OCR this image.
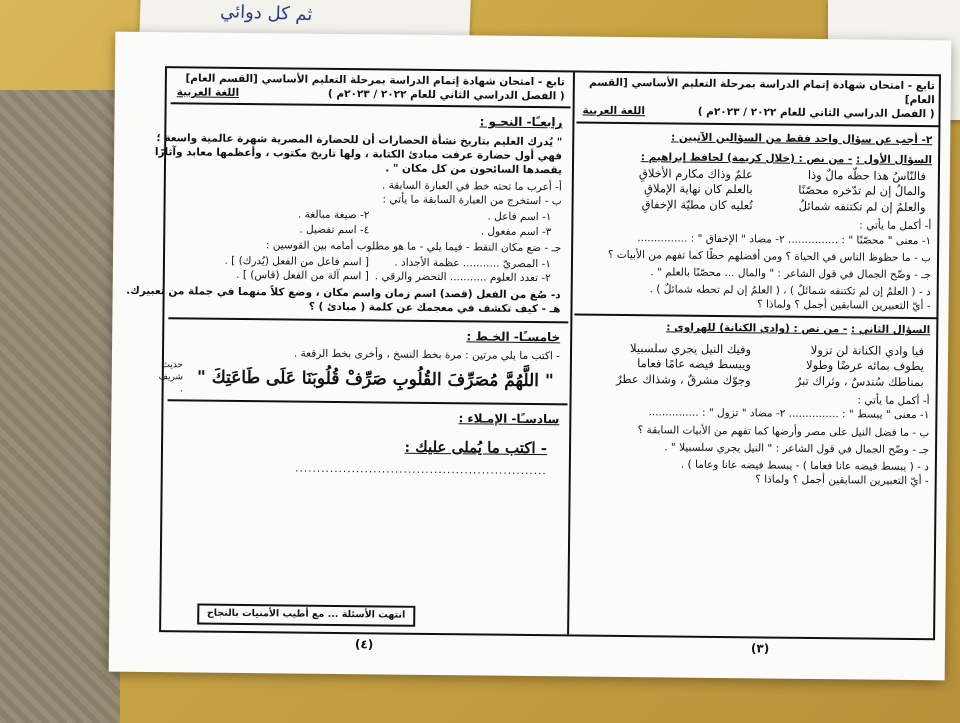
ثم كل دوائي
تابع - امتحان شهادة إتمام الدراسة بمرحلة التعليم الأساسي [القسم العام]
( الفصل الدراسي الثاني للعام ٢٠٢٢ / ٢٠٢٣م )
اللغة العربية
٢- أجب عن سؤال واحد فقط من السؤالين الآتيين :
السؤال الأول : - من نص : (خلال كريمة) لحافظ إبراهيم :
فالنّاسُ هذا حظّه مالٌ وذا
علمٌ وذاك مكارم الأخلاقِ
والمالُ إن لم تدّخره محصّنًا
بالعلم كان نهاية الإملاقِ
والعلمُ إن لم تكتنفه شمائلٌ
تُعليه كان مطيّة الإخفاقِ
أ- أكمل ما يأتي :
١- معنى " محصّنًا " : ............... ٢- مضاد " الإخفاق " : ...............
ب - ما حظوظ الناس في الحياة ؟ ومن أفضلهم حظًا كما تفهم من الأبيات ؟
جـ - وضّح الجمال في قول الشاعر : " والمال ... محصّنًا بالعلم " .
د - ( العلمُ إن لم تكتنفه شمائلٌ ) ، ( العلمُ إن لم تحطه شمائلٌ ) .
- أيّ التعبيرين السابقين أجمل ؟ ولماذا ؟
السؤال الثاني : - من نص : (وادي الكنانة) للهراوي :
فيا وادي الكنانة لن تزولا
وفيك النيل يجري سلسبيلا
يطوف بمائه عرضًا وطولا
ويبسط فيضه عامًا فعاما
بمناطك سُندسٌ ، وثراك تبرٌ
وجوّك مشرقٌ ، وشذاك عطرٌ
أ- أكمل ما يأتي :
١- معنى " يبسط " : ............... ٢- مضاد " تزول " : ...............
ب - ما فضل النيل على مصر وأرضها كما تفهم من الأبيات السابقة ؟
جـ - وضّح الجمال في قول الشاعر : " النيل يجري سلسبيلا " .
د - ( يبسط فيضه عانا فعاما ) - يبسط فيضه عانا وعاما ) .
- أيّ التعبيرين السابقين أجمل ؟ ولماذا ؟
(٣)
تابع - امتحان شهادة إتمام الدراسة بمرحلة التعليم الأساسي [القسم العام]
( الفصل الدراسي الثاني للعام ٢٠٢٢ / ٢٠٢٣م )
اللغة العربية
رابعـًا- النحـو :
" يُدرك العليم بتاريخ نشأة الحضارات أن للحضارة المصرية شهرة عالمية واسعة ؛
فهي أول حضارة عرفت مبادئ الكتابة ، ولها تاريخ مكتوب ، وأعظمها معابد وآثارًا
يقصدها السائحون من كل مكان " .
أ- أعرب ما تحته خط في العبارة السابقة .
ب - استخرج من العبارة السابقة ما يأتي :
١- اسم فاعل .
٢- صيغة مبالغة .
٣- اسم مفعول .
٤- اسم تفضيل .
جـ - ضع مكان النقط - فيما يلي - ما هو مطلوب أمامه بين القوسين :
١- المصريّ ........... عظمة الأجداد .
[ اسم فاعل من الفعل (يُدرك) ] .
٢- تعدد العلوم ........... التحضر والرقي .
[ اسم آلة من الفعل (قاس) ] .
د- صُغ من الفعل (قصد) اسم زمان واسم مكان ، وضع كلاً منهما في جملة من تعبيرك.
هـ - كيف تكشف في معجمك عن كلمة ( مبادئ ) ؟
خامسـًا- الخـط :
- اكتب ما يلي مرتين : مرة بخط النسخ ، وأخرى بخط الرقعة .
" اللَّهُمَّ مُصَرِّفَ القُلُوبِ صَرِّفْ قُلُوبَنَا عَلَى طَاعَتِكَ "
حديث شريف .
سادسـًا- الإمـلاء :
- اكتب ما يُملى عليك :
..........................................................
انتهت الأسئلة ... مع أطيب الأمنيات بالنجاح
(٤)
